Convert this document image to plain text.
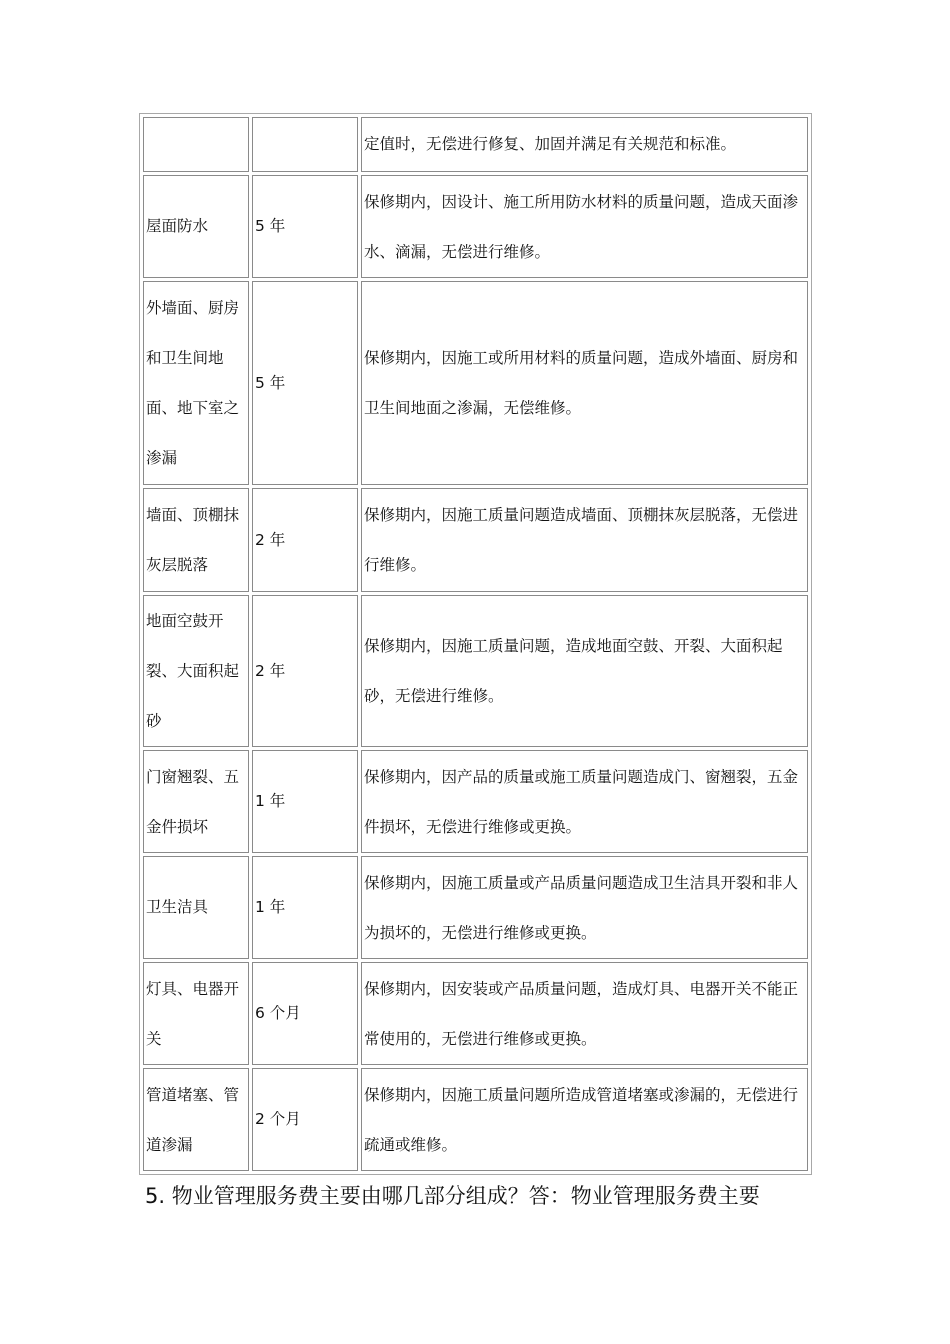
		定值时，无偿进行修复、加固并满足有关规范和标准。

屋面防水	5 年	保修期内，因设计、施工所用防水材料的质量问题，造成天面渗水、滴漏，无偿进行维修。

外墙面、厨房和卫生间地面、地下室之渗漏	5 年	保修期内，因施工或所用材料的质量问题，造成外墙面、厨房和卫生间地面之渗漏，无偿维修。

墙面、顶棚抹灰层脱落	2 年	保修期内，因施工质量问题造成墙面、顶棚抹灰层脱落，无偿进行维修。

地面空鼓开裂、大面积起砂	2 年	保修期内，因施工质量问题，造成地面空鼓、开裂、大面积起砂，无偿进行维修。

门窗翘裂、五金件损坏	1 年	保修期内，因产品的质量或施工质量问题造成门、窗翘裂，五金件损坏，无偿进行维修或更换。

卫生洁具	1 年	保修期内，因施工质量或产品质量问题造成卫生洁具开裂和非人为损坏的，无偿进行维修或更换。

灯具、电器开关	6 个月	保修期内，因安装或产品质量问题，造成灯具、电器开关不能正常使用的，无偿进行维修或更换。

管道堵塞、管道渗漏	2 个月	保修期内，因施工质量问题所造成管道堵塞或渗漏的，无偿进行疏通或维修。
5. 物业管理服务费主要由哪几部分组成？答：物业管理服务费主要
